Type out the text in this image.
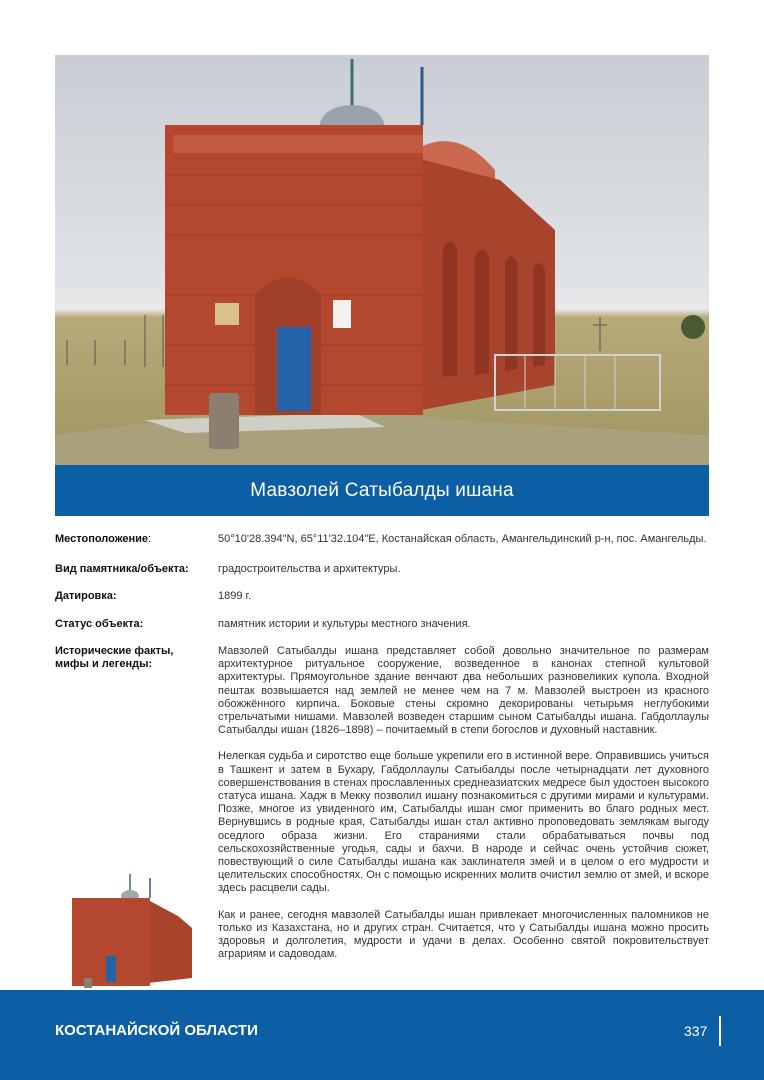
Мавзолей Сатыбалды ишана
Местоположение:	50°10'28.394"N, 65°11'32.104"E, Костанайская область, Амангельдинский р-н, пос. Амангельды.
Вид памятника/объекта:	градостроительства и архитектуры.
Датировка:	1899 г.
Статус объекта:	памятник истории и культуры местного значения.
Исторические факты,
мифы и легенды:

Мавзолей Сатыбалды ишана представляет собой довольно значительное по размерам архитектурное ритуальное сооружение, возведенное в канонах степной культовой архитектуры. Прямоугольное здание венчают два небольших разновеликих купола. Входной пештак возвышается над землей не менее чем на 7 м. Мавзолей выстроен из красного обожжённого кирпича. Боковые стены скромно декорированы четырьмя неглубокими стрельчатыми нишами. Мавзолей возведен старшим сыном Сатыбалды ишана. Габдоллаулы Сатыбалды ишан (1826–1898) – почитаемый в степи богослов и духовный наставник.

Нелегкая судьба и сиротство еще больше укрепили его в истинной вере. Оправившись учиться в Ташкент и затем в Бухару, Габдоллаулы Сатыбалды после четырнадцати лет духовного совершенствования в стенах прославленных среднеазиатских медресе был удостоен высокого статуса ишана. Хадж в Мекку позволил ишану познакомиться с другими мирами и культурами. Позже, многое из увиденного им, Сатыбалды ишан смог применить во благо родных мест. Вернувшись в родные края, Сатыбалды ишан стал активно проповедовать землякам выгоду оседлого образа жизни. Его стараниями стали обрабатываться почвы под сельскохозяйственные угодья, сады и бахчи. В народе и сейчас очень устойчив сюжет, повествующий о силе Сатыбалды ишана как заклинателя змей и в целом о его мудрости и целительских способностях. Он с помощью искренних молитв очистил землю от змей, и вскоре здесь расцвели сады.

Как и ранее, сегодня мавзолей Сатыбалды ишан привлекает многочисленных паломников не только из Казахстана, но и других стран. Считается, что у Сатыбалды ишана можно просить здоровья и долголетия, мудрости и удачи в делах. Особенно святой покровительствует аграриям и садоводам.

КОСТАНАЙСКОЙ ОБЛАСТИ	337
